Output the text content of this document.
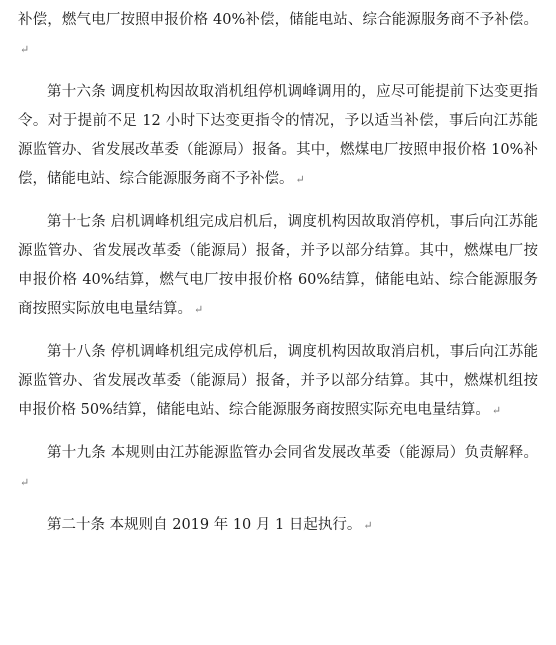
补偿，燃气电厂按照申报价格 40%补偿，储能电站、综合能源服务商不予补偿。↵

第十六条 调度机构因故取消机组停机调峰调用的，应尽可能提前下达变更指令。对于提前不足 12 小时下达变更指令的情况，予以适当补偿，事后向江苏能源监管办、省发展改革委（能源局）报备。其中，燃煤电厂按照申报价格 10%补偿，储能电站、综合能源服务商不予补偿。 ↵

第十七条 启机调峰机组完成启机后，调度机构因故取消停机，事后向江苏能源监管办、省发展改革委（能源局）报备，并予以部分结算。其中，燃煤电厂按申报价格 40%结算，燃气电厂按申报价格 60%结算，储能电站、综合能源服务商按照实际放电电量结算。 ↵

第十八条 停机调峰机组完成停机后，调度机构因故取消启机，事后向江苏能源监管办、省发展改革委（能源局）报备，并予以部分结算。其中，燃煤机组按申报价格 50%结算，储能电站、综合能源服务商按照实际充电电量结算。 ↵

第十九条 本规则由江苏能源监管办会同省发展改革委（能源局）负责解释。↵

第二十条 本规则自 2019 年 10 月 1 日起执行。 ↵
